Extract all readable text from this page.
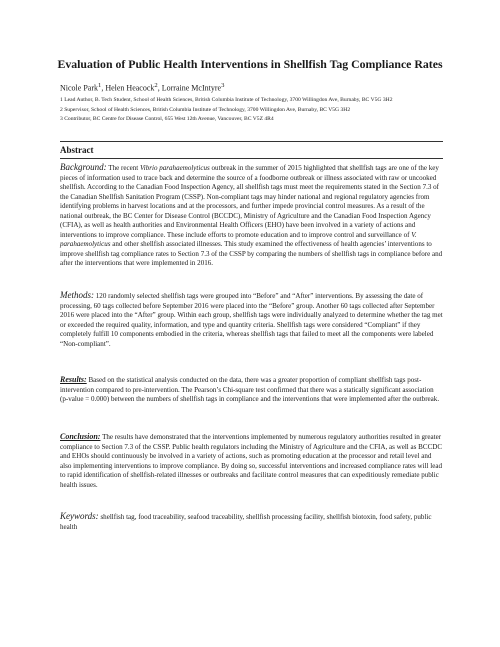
Evaluation of Public Health Interventions in Shellfish Tag Compliance Rates

Nicole Park$^1$, Helen Heacock$^2$, Lorraine McIntyre$^3$

1 Lead Author, B. Tech Student, School of Health Sciences, British Columbia Institute of Technology, 3700 Willingdon Ave, Burnaby, BC V5G 3H2

2 Supervisor, School of Health Sciences, British Columbia Institute of Technology, 3700 Willingdon Ave, Burnaby, BC V5G 3H2

3 Contributor, BC Centre for Disease Control, 655 West 12th Avenue, Vancouver, BC V5Z 4R4

Abstract

Background: The recent Vibrio parahaemolyticus outbreak in the summer of 2015 highlighted that shellfish tags are one of the key pieces of information used to trace back and determine the source of a foodborne outbreak or illness associated with raw or uncooked shellfish. According to the Canadian Food Inspection Agency, all shellfish tags must meet the requirements stated in the Section 7.3 of the Canadian Shellfish Sanitation Program (CSSP). Non-compliant tags may hinder national and regional regulatory agencies from identifying problems in harvest locations and at the processors, and further impede provincial control measures. As a result of the national outbreak, the BC Center for Disease Control (BCCDC), Ministry of Agriculture and the Canadian Food Inspection Agency (CFIA), as well as health authorities and Environmental Health Officers (EHO) have been involved in a variety of actions and interventions to improve compliance. These include efforts to promote education and to improve control and surveillance of V. parahaemolyticus and other shellfish associated illnesses. This study examined the effectiveness of health agencies’ interventions to improve shellfish tag compliance rates to Section 7.3 of the CSSP by comparing the numbers of shellfish tags in compliance before and after the interventions that were implemented in 2016.

Methods: 120 randomly selected shellfish tags were grouped into “Before” and “After” interventions. By assessing the date of processing, 60 tags collected before September 2016 were placed into the “Before” group. Another 60 tags collected after September 2016 were placed into the “After” group. Within each group, shellfish tags were individually analyzed to determine whether the tag met or exceeded the required quality, information, and type and quantity criteria. Shellfish tags were considered “Compliant” if they completely fulfill 10 components embodied in the criteria, whereas shellfish tags that failed to meet all the components were labeled “Non-compliant”.

Results: Based on the statistical analysis conducted on the data, there was a greater proportion of compliant shellfish tags post-intervention compared to pre-intervention. The Pearson’s Chi-square test confirmed that there was a statically significant association (p-value = 0.000) between the numbers of shellfish tags in compliance and the interventions that were implemented after the outbreak.

Conclusion: The results have demonstrated that the interventions implemented by numerous regulatory authorities resulted in greater compliance to Section 7.3 of the CSSP. Public health regulators including the Ministry of Agriculture and the CFIA, as well as BCCDC and EHOs should continuously be involved in a variety of actions, such as promoting education at the processor and retail level and also implementing interventions to improve compliance. By doing so, successful interventions and increased compliance rates will lead to rapid identification of shellfish-related illnesses or outbreaks and facilitate control measures that can expeditiously remediate public health issues.

Keywords: shellfish tag, food traceability, seafood traceability, shellfish processing facility, shellfish biotoxin, food safety, public health
